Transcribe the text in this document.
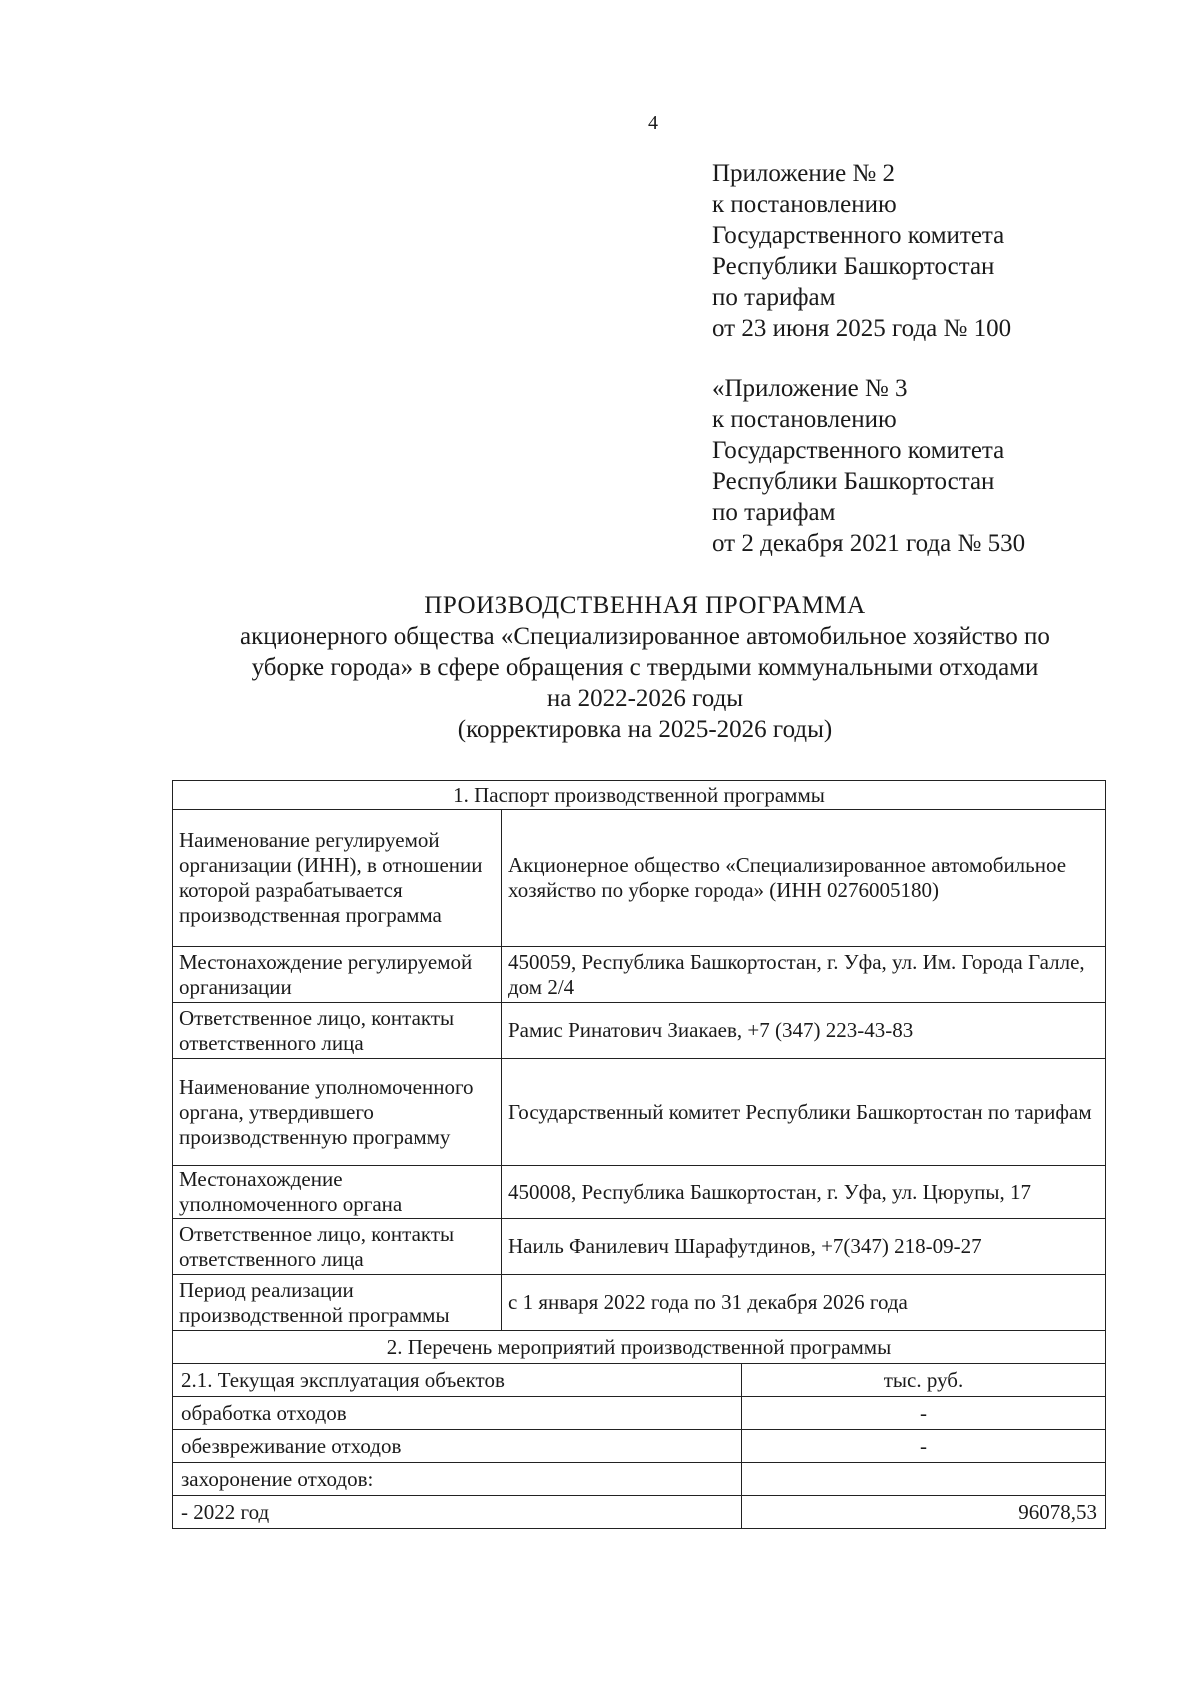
4
Приложение № 2
к постановлению
Государственного комитета
Республики Башкортостан
по тарифам
от 23 июня 2025 года № 100
«Приложение № 3
к постановлению
Государственного комитета
Республики Башкортостан
по тарифам
от 2 декабря 2021 года № 530
ПРОИЗВОДСТВЕННАЯ ПРОГРАММА
акционерного общества «Специализированное автомобильное хозяйство по
уборке города» в сфере обращения с твердыми коммунальными отходами
на 2022-2026 годы
(корректировка на 2025-2026 годы)
1. Паспорт производственной программы	
Наименование регулируемой организации (ИНН), в отношении которой разрабатывается производственная программа	Акционерное общество «Специализированное автомобильное хозяйство по уборке города» (ИНН 0276005180)
Местонахождение регулируемой организации	450059, Республика Башкортостан, г. Уфа, ул. Им. Города Галле, дом 2/4
Ответственное лицо, контакты ответственного лица	Рамис Ринатович Зиакаев, +7 (347) 223-43-83
Наименование уполномоченного органа, утвердившего производственную программу	Государственный комитет Республики Башкортостан по тарифам
Местонахождение уполномоченного органа	450008, Республика Башкортостан, г. Уфа, ул. Цюрупы, 17
Ответственное лицо, контакты ответственного лица	Наиль Фанилевич Шарафутдинов, +7(347) 218-09-27
Период реализации производственной программы	с 1 января 2022 года по 31 декабря 2026 года
2. Перечень мероприятий производственной программы	
2.1. Текущая эксплуатация объектов	тыс. руб.
обработка отходов	-
обезвреживание отходов	-
захоронение отходов:	
- 2022 год	96078,53
